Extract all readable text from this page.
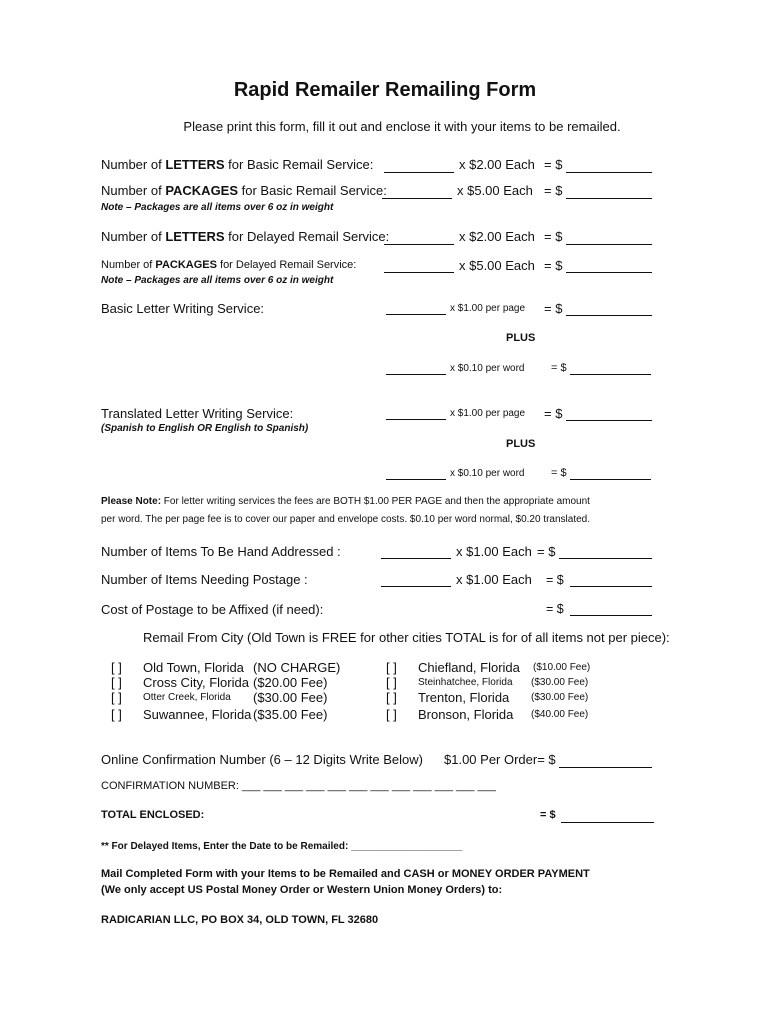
Rapid Remailer Remailing Form
Please print this form, fill it out and enclose it with your items to be remailed.
Number of LETTERS for Basic Remail Service:	x $2.00 Each = $
Number of PACKAGES for Basic Remail Service:	x $5.00 Each = $
Note – Packages are all items over 6 oz in weight
Number of LETTERS for Delayed Remail Service:	x $2.00 Each = $
Number of PACKAGES for Delayed Remail Service:	x $5.00 Each = $
Note – Packages are all items over 6 oz in weight
Basic Letter Writing Service:	x $1.00 per page = $
PLUS
x $0.10 per word = $
Translated Letter Writing Service:
(Spanish to English OR English to Spanish)
x $1.00 per page = $
PLUS
x $0.10 per word = $
Please Note: For letter writing services the fees are BOTH $1.00 PER PAGE and then the appropriate amount
per word. The per page fee is to cover our paper and envelope costs. $0.10 per word normal, $0.20 translated.
Number of Items To Be Hand Addressed :	x $1.00 Each = $
Number of Items Needing Postage :	x $1.00 Each = $
Cost of Postage to be Affixed (if need):	= $
Remail From City (Old Town is FREE for other cities TOTAL is for of all items not per piece):
[ ] Old Town, Florida (NO CHARGE)
[ ] Cross City, Florida ($20.00 Fee)
[ ] Otter Creek, Florida ($30.00 Fee)
[ ] Suwannee, Florida ($35.00 Fee)
[ ] Chiefland, Florida ($10.00 Fee)
[ ] Steinhatchee, Florida ($30.00 Fee)
[ ] Trenton, Florida ($30.00 Fee)
[ ] Bronson, Florida ($40.00 Fee)
Online Confirmation Number (6 – 12 Digits Write Below) $1.00 Per Order= $
CONFIRMATION NUMBER: ___ ___ ___ ___ ___ ___ ___ ___ ___ ___ ___ ___
TOTAL ENCLOSED:	= $
** For Delayed Items, Enter the Date to be Remailed: ____________________
Mail Completed Form with your Items to be Remailed and CASH or MONEY ORDER PAYMENT
(We only accept US Postal Money Order or Western Union Money Orders) to:
RADICARIAN LLC, PO BOX 34, OLD TOWN, FL 32680
